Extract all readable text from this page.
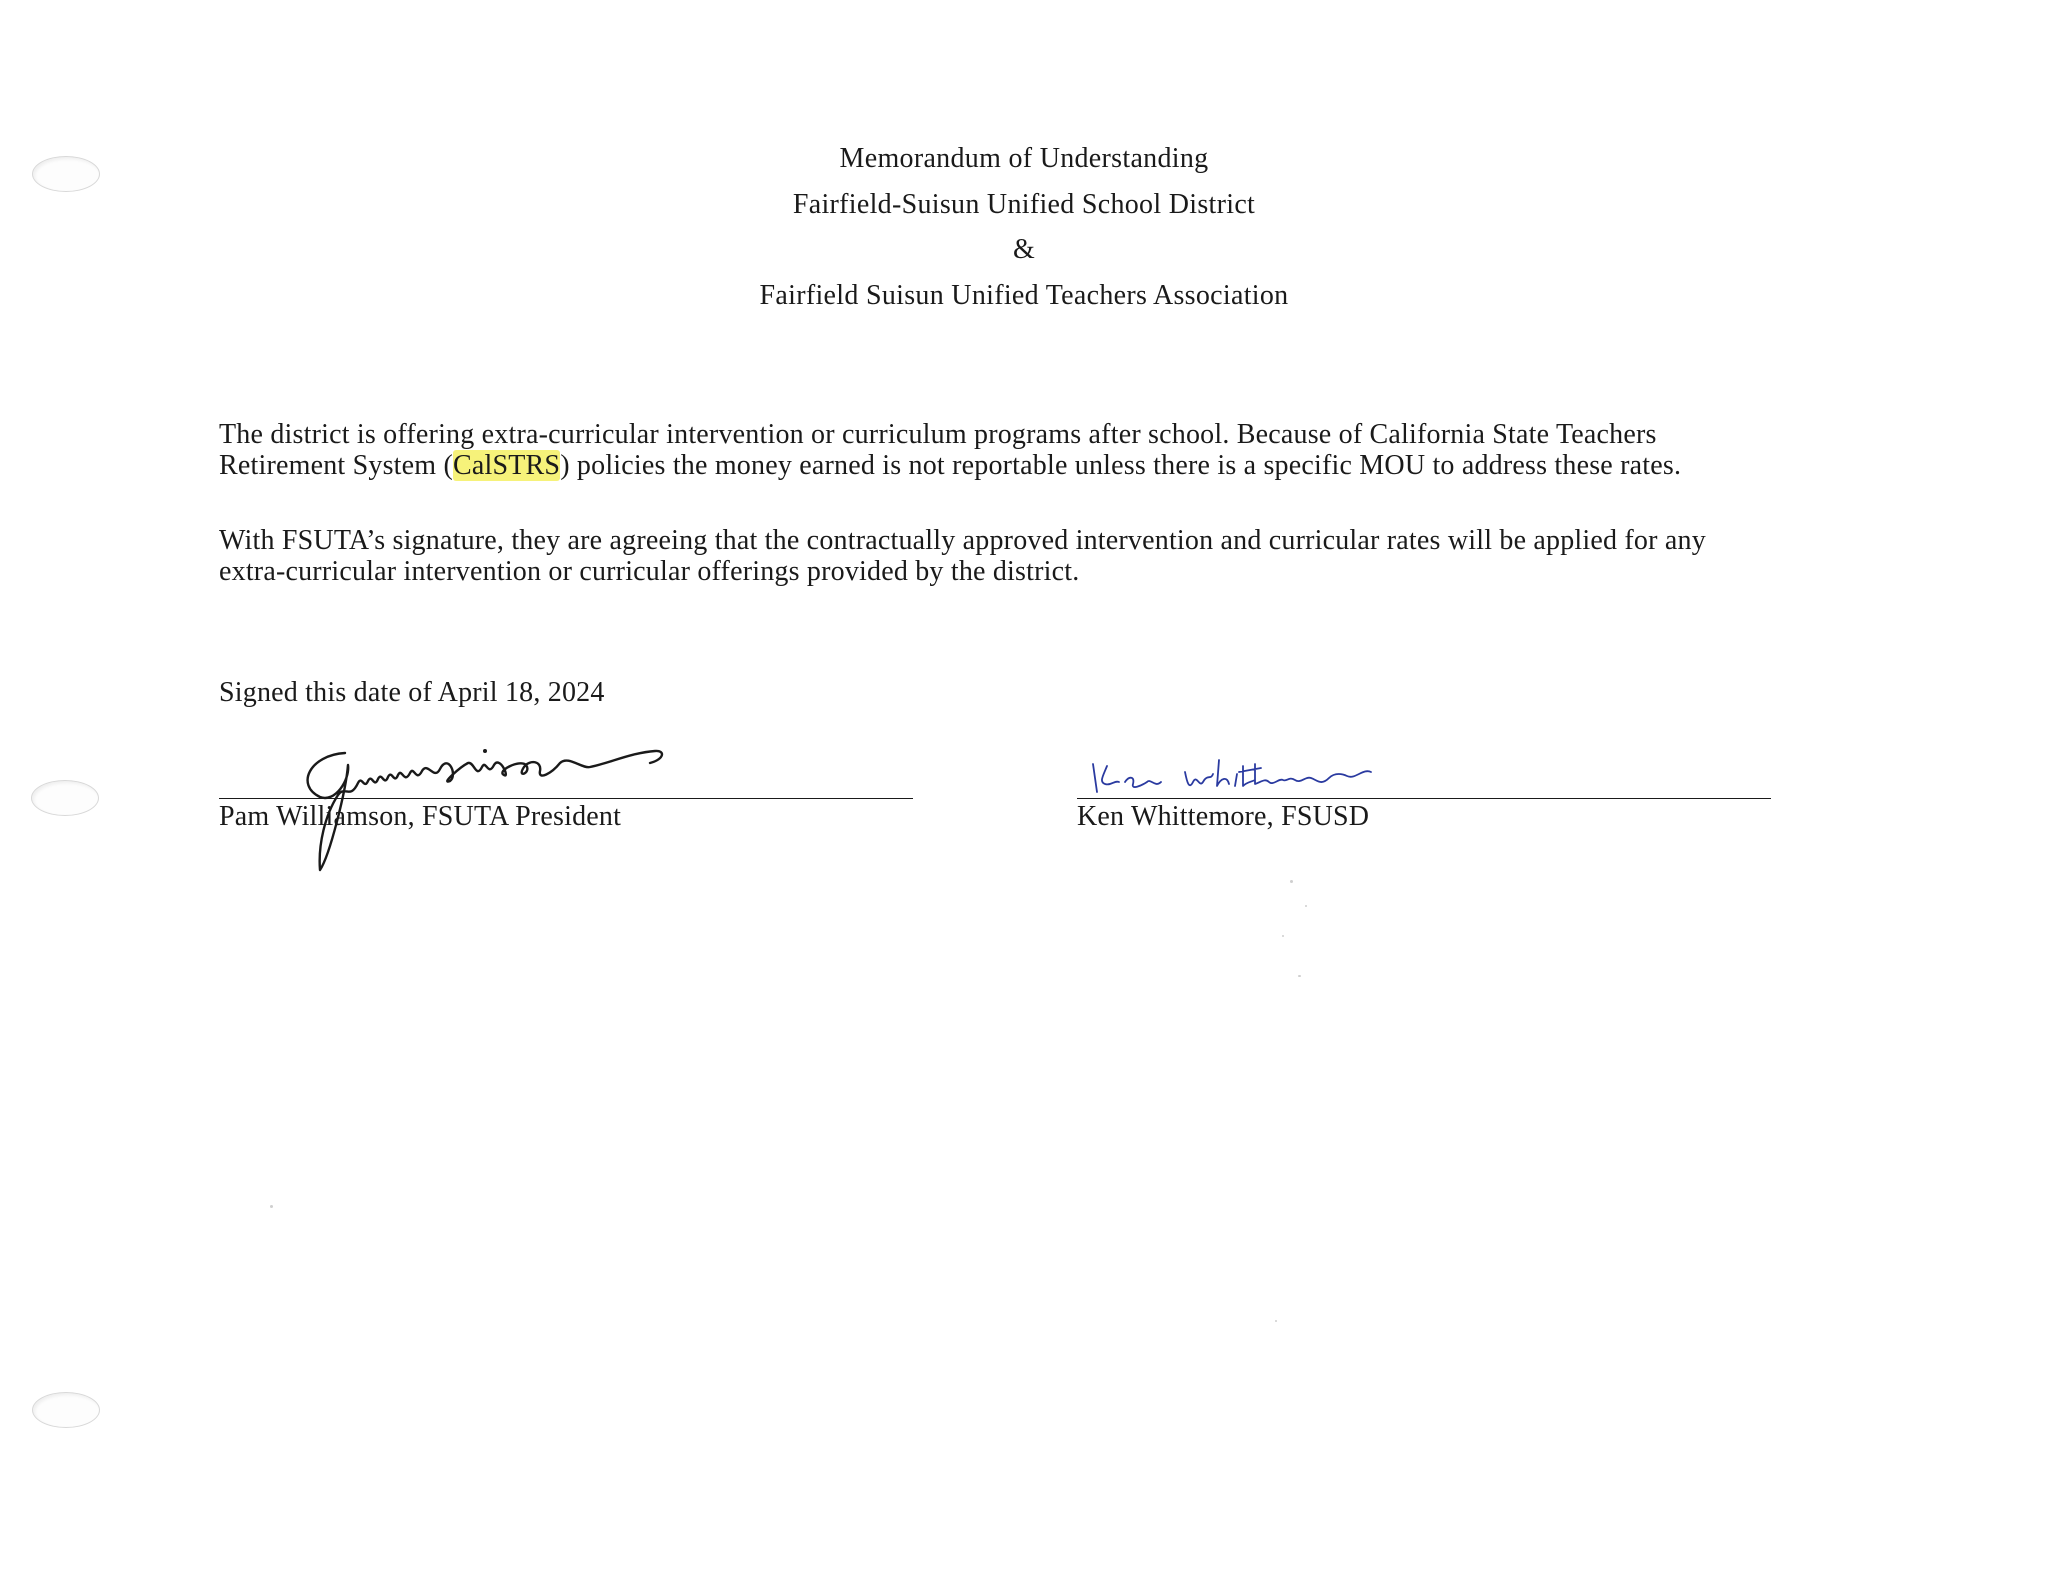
Memorandum of Understanding
Fairfield-Suisun Unified School District
&
Fairfield Suisun Unified Teachers Association
The district is offering extra-curricular intervention or curriculum programs after school. Because of California State Teachers Retirement System (CalSTRS) policies the money earned is not reportable unless there is a specific MOU to address these rates.
With FSUTA’s signature, they are agreeing that the contractually approved intervention and curricular rates will be applied for any extra-curricular intervention or curricular offerings provided by the district.
Signed this date of April 18, 2024
Pam Williamson, FSUTA President	Ken Whittemore, FSUSD
